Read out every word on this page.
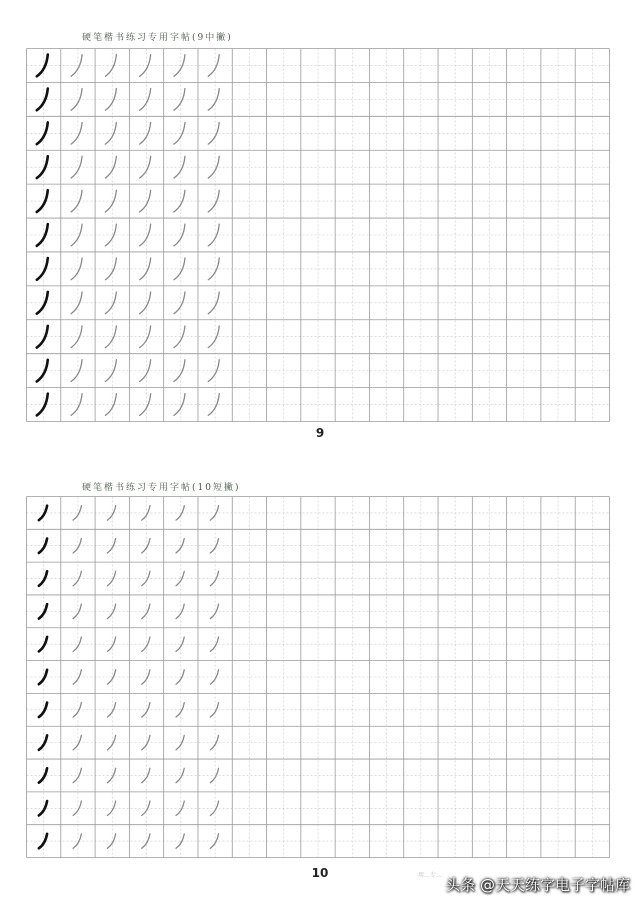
硬笔楷书练习专用字帖(9中撇)
9
硬笔楷书练习专用字帖(10短撇)
10	用…专…
头条 @天天练字电子字帖库
